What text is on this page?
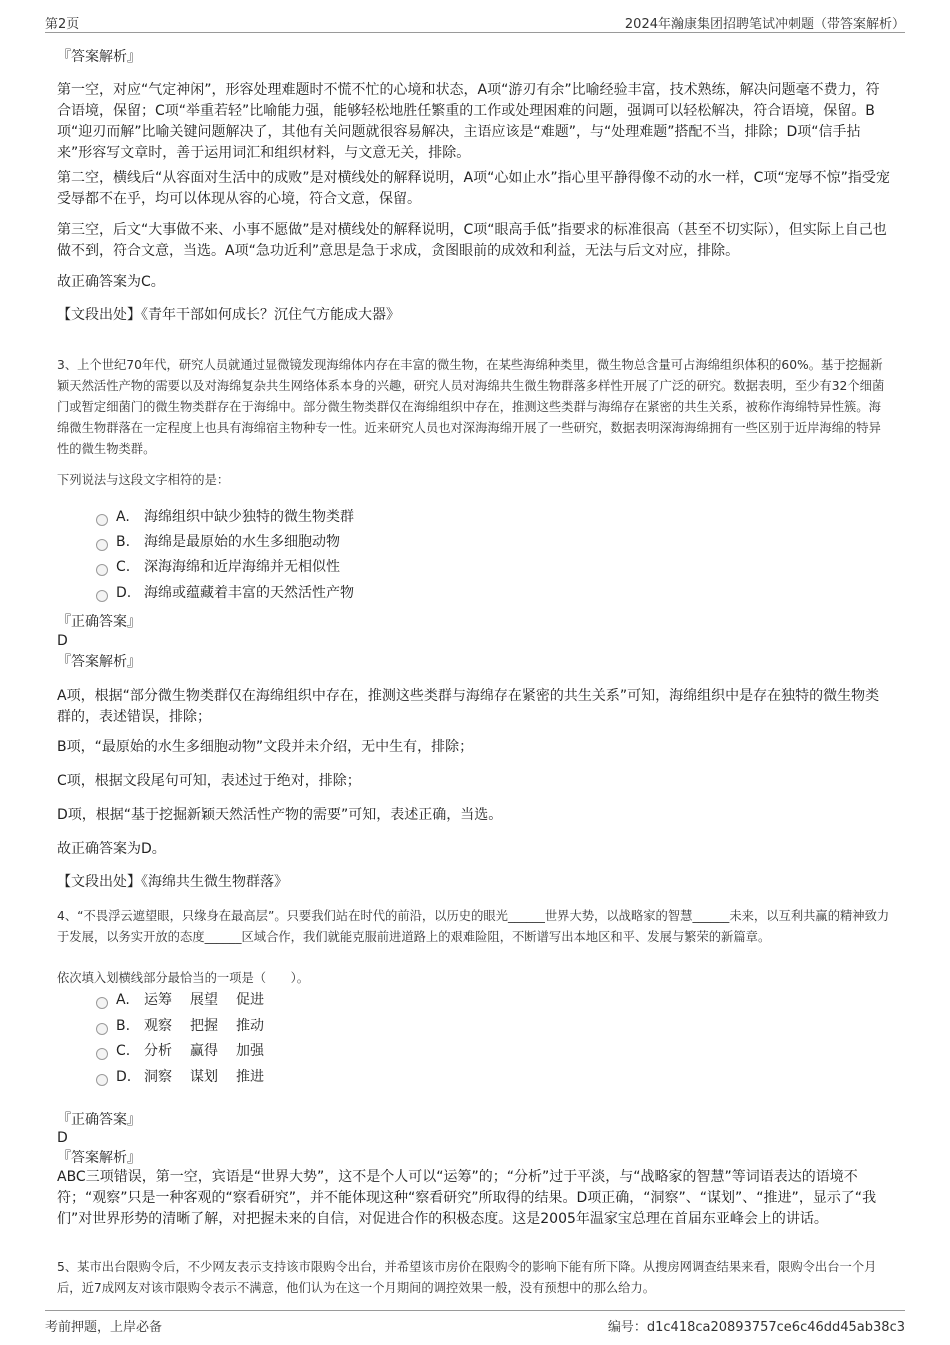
第2页	2024年瀚康集团招聘笔试冲刺题（带答案解析）
『答案解析』
第一空，对应“气定神闲”，形容处理难题时不慌不忙的心境和状态，A项“游刃有余”比喻经验丰富，技术熟练，解决问题毫不费力，符合语境，保留；C项“举重若轻”比喻能力强，能够轻松地胜任繁重的工作或处理困难的问题，强调可以轻松解决，符合语境，保留。B项“迎刃而解”比喻关键问题解决了，其他有关问题就很容易解决，主语应该是“难题”，与“处理难题”搭配不当，排除；D项“信手拈来”形容写文章时，善于运用词汇和组织材料，与文意无关，排除。
第二空，横线后“从容面对生活中的成败”是对横线处的解释说明，A项“心如止水”指心里平静得像不动的水一样，C项“宠辱不惊”指受宠受辱都不在乎，均可以体现从容的心境，符合文意，保留。
第三空，后文“大事做不来、小事不愿做”是对横线处的解释说明，C项“眼高手低”指要求的标准很高（甚至不切实际），但实际上自己也做不到，符合文意，当选。A项“急功近利”意思是急于求成，贪图眼前的成效和利益，无法与后文对应，排除。
故正确答案为C。
【文段出处】《青年干部如何成长？沉住气方能成大器》
3、上个世纪70年代，研究人员就通过显微镜发现海绵体内存在丰富的微生物，在某些海绵种类里，微生物总含量可占海绵组织体积的60%。基于挖掘新颖天然活性产物的需要以及对海绵复杂共生网络体系本身的兴趣，研究人员对海绵共生微生物群落多样性开展了广泛的研究。数据表明，至少有32个细菌门或暂定细菌门的微生物类群存在于海绵中。部分微生物类群仅在海绵组织中存在，推测这些类群与海绵存在紧密的共生关系，被称作海绵特异性簇。海绵微生物群落在一定程度上也具有海绵宿主物种专一性。近来研究人员也对深海海绵开展了一些研究，数据表明深海海绵拥有一些区别于近岸海绵的特异性的微生物类群。
下列说法与这段文字相符的是：
A.	海绵组织中缺少独特的微生物类群
B. 海绵是最原始的水生多细胞动物
C. 深海海绵和近岸海绵并无相似性
D. 海绵或蕴藏着丰富的天然活性产物
『正确答案』
D
『答案解析』
A项，根据“部分微生物类群仅在海绵组织中存在，推测这些类群与海绵存在紧密的共生关系”可知，海绵组织中是存在独特的微生物类群的，表述错误，排除；
B项，“最原始的水生多细胞动物”文段并未介绍，无中生有，排除；
C项，根据文段尾句可知，表述过于绝对，排除；
D项，根据“基于挖掘新颖天然活性产物的需要”可知，表述正确，当选。
故正确答案为D。
【文段出处】《海绵共生微生物群落》
4、“不畏浮云遮望眼，只缘身在最高层”。只要我们站在时代的前沿，以历史的眼光______世界大势，以战略家的智慧______未来，以互利共赢的精神致力于发展，以务实开放的态度______区域合作，我们就能克服前进道路上的艰难险阻，不断谱写出本地区和平、发展与繁荣的新篇章。
依次填入划横线部分最恰当的一项是（　　）。
A.	运筹 展望 促进
B. 观察 把握 推动
C. 分析 赢得 加强
D. 洞察 谋划 推进
『正确答案』
D
『答案解析』
ABC三项错误，第一空，宾语是“世界大势”，这不是个人可以“运筹”的；“分析”过于平淡，与“战略家的智慧”等词语表达的语境不符；“观察”只是一种客观的“察看研究”，并不能体现这种“察看研究”所取得的结果。D项正确，“洞察”、“谋划”、“推进”，显示了“我们”对世界形势的清晰了解，对把握未来的自信，对促进合作的积极态度。这是2005年温家宝总理在首届东亚峰会上的讲话。
5、某市出台限购令后，不少网友表示支持该市限购令出台，并希望该市房价在限购令的影响下能有所下降。从搜房网调查结果来看，限购令出台一个月后，近7成网友对该市限购令表示不满意，他们认为在这一个月期间的调控效果一般，没有预想中的那么给力。
考前押题，上岸必备	编号：d1c418ca20893757ce6c46dd45ab38c3
